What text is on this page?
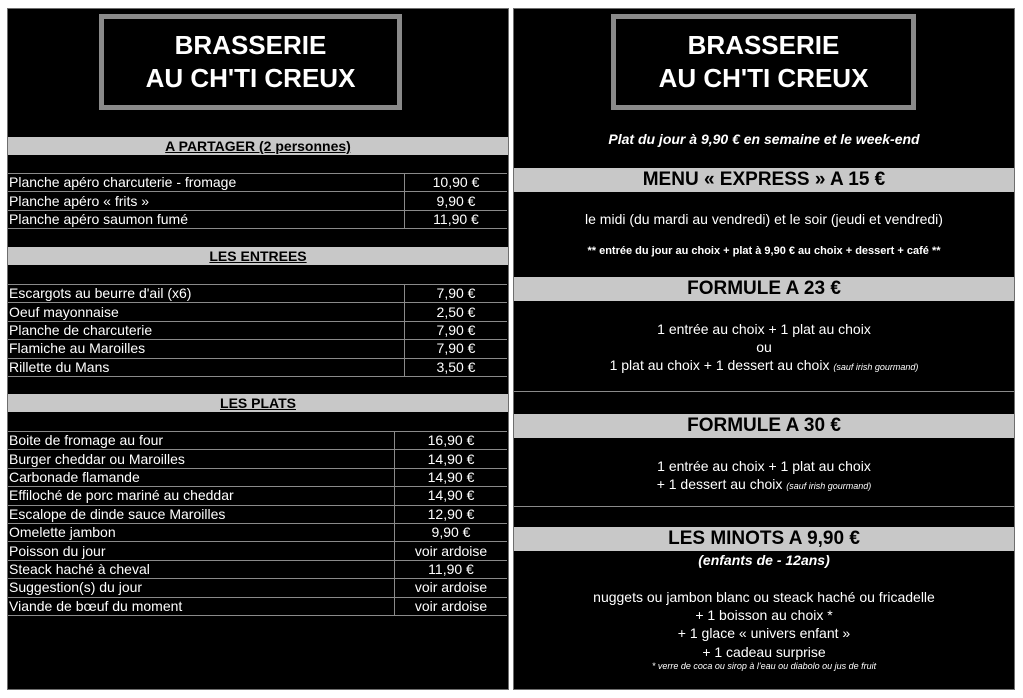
BRASSERIE
AU CH'TI CREUX
A PARTAGER (2 personnes)
Planche apéro charcuterie - fromage	10,90 €
Planche apéro « frits »	9,90 €
Planche apéro saumon fumé	11,90 €
LES ENTREES
Escargots au beurre d'ail (x6)	7,90 €
Oeuf mayonnaise	2,50 €
Planche de charcuterie	7,90 €
Flamiche au Maroilles	7,90 €
Rillette du Mans	3,50 €
LES PLATS
Boite de fromage au four	16,90 €
Burger cheddar ou Maroilles	14,90 €
Carbonade flamande	14,90 €
Effiloché de porc mariné au cheddar	14,90 €
Escalope de dinde sauce Maroilles	12,90 €
Omelette jambon	9,90 €
Poisson du jour	voir ardoise
Steack haché à cheval	11,90 €
Suggestion(s) du jour	voir ardoise
Viande de bœuf du moment	voir ardoise
BRASSERIE
AU CH'TI CREUX
Plat du jour à 9,90 € en semaine et le week-end
MENU « EXPRESS » A 15 €
le midi (du mardi au vendredi) et le soir (jeudi et vendredi)
** entrée du jour au choix + plat à 9,90 € au choix + dessert + café **
FORMULE A 23 €
1 entrée au choix + 1 plat au choix
ou
1 plat au choix + 1 dessert au choix (sauf irish gourmand)
FORMULE A 30 €
1 entrée au choix + 1 plat au choix
+ 1 dessert au choix (sauf irish gourmand)
LES MINOTS A 9,90 €
(enfants de - 12ans)
nuggets ou jambon blanc ou steack haché ou fricadelle
+ 1 boisson au choix *
+ 1 glace « univers enfant »
+ 1 cadeau surprise
* verre de coca ou sirop à l'eau ou diabolo ou jus de fruit
